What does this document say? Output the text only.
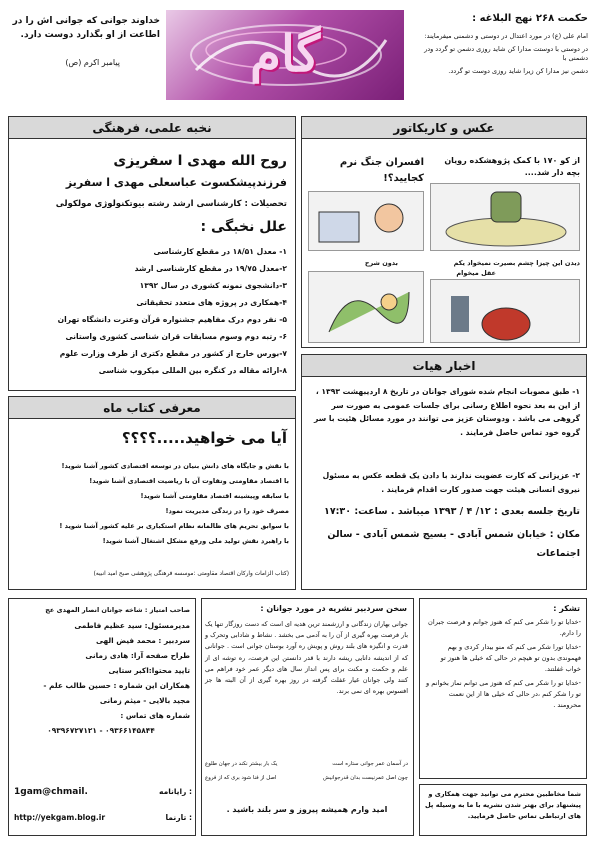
حکمت ۲۶۸ نهج البلاغه :
امام علی (ع) در مورد اعتدال در دوستی و دشمنی میفرمایند:
در دوستی با دوستت مدارا کن شاید روزی دشمن تو گردد ودر دشمنی با
دشمن نیز مدارا کن زیرا شاید روزی دوست تو گردد.
گام
خداوند جوانی که جوانی اش را در
اطاعت از او بگذارد دوست دارد.
پیامبر اکرم (ص)
عکس و کاریکاتور
از کو ۱۷۰ با کمک پژوهشکده رویان بچه دار شد....
افسران جنگ نرم کجایید؟!
دیدن این چیزا چشم بصیرت نمیخواد یکم
عقل میخوام
بدون شرح
نخبه علمی، فرهنگی
روح الله مهدی ا سفریزی
فرزندپیشکسوت عباسعلی مهدی ا سفریز
تحصیلات : کارشناسی ارشد رشته بیوتکنولوژی مولکولی
علل نخبگی :
۱- معدل ۱۸/۵۱ در مقطع کارشناسی
۲-معدل ۱۹/۷۵ در مقطع کارشناسی ارشد
۳-دانشجوی نمونه کشوری در سال ۱۳۹۲
۴-همکاری در پروژه های متعدد تحقیقاتی
۵- نفر دوم درک مفاهیم جشنواره قرآن وعترت دانشگاه تهران
۶- رتبه دوم وسوم مسابقات قران شناسی کشوری واستانی
۷-بورس خارج از کشور در مقطع دکتری از طرف وزارت علوم
۸-ارائه مقاله در کنگره بین المللی میکروب شناسی	اخبار هیات
۱- طبق مصوبات انجام شده شورای جوانان در تاریخ ۸ اردیبهشت ۱۳۹۳ ، از این به بعد نحوه اطلاع رسانی برای جلسات عمومی به صورت سر گروهی می باشد . ودوستان عزیز می توانند در مورد مسائل هئیت با سر گروه خود تماس حاصل فرمایند .
۲- عزیزانی که کارت عضویت ندارند با دادن یک قطعه عکس به مسئول نیروی انسانی هیئت جهت صدور کارت اقدام فرمایند .
تاریخ جلسه بعدی : ۱۲/ ۴ / ۱۳۹۳ میباشد . ساعت: ۱۷:۳۰
مکان : خیابان شمس آبادی - بسیج شمس آبادی - سالن اجتماعات
معرفی کتاب ماه
آیا می خواهید.....؟؟؟؟
با نقش و جایگاه های دانش بنیان در توسعه اقتصادی کشور آشنا شوید!
با اقتصاد مقاومتی وتفاوت آن با ریاضیت اقتصادی آشنا شوید!
با سابقه وپیشینه اقتصاد مقاومتی آشنا شوید!
مصرف خود را در زندگی مدیریت نمود!
با سوابق تحریم های ظالمانه نظام استکباری بر علیه کشور آشنا شوید !
با راهبرد نقش تولید ملی ورفع مشکل اشتغال آشنا شوید!
(کتاب الزامات وارکان اقتصاد مقاومتی :موسسه فرهنگی پژوهشی صبح امید انبیه)
تشکر :
-خدایا تو را شکر می کنم که هنوز جوانم و فرصت جبران را دارم.
-خدایا تورا شکر می کنم که منو بیدار کردی و بهم فهموندی بدون تو هیچم در حالی که خیلی ها هنوز تو خواب غفلتند.
-خدایا تو را شکر می کنم که هنوز می توانم نماز بخوانم و تو را شکر کنم ،در حالی که خیلی ها از این نعمت محرومند .
شما مخاطبین محترم می توانید جهت همکاری و پیشنهاد برای بهتر شدن نشریه با ما به وسیله پل های ارتباطی تماس حاصل فرمایید.
سخن سردبیر نشریه در مورد جوانان :
جوانی بهاران زندگانی و ارزشمند ترین هدیه ای است که دست روزگار تنها یک بار فرصت بهره گیری از آن را به آدمی می بخشد . نشاط و شادابی وتحرک و قدرت و انگیزه های بلند روش و پویش ره آورد بوستان جوانی است . جوانانی که از اندیشه دانایی ریشه دارند با قدر دانستن این فرصت، ره توشه ای از علم و حکمت و مکنت برای پس انداز سال های دیگر عمر خود فراهم می کنند ولی جوانان غیار غفلت گرفته در روز بهره گیری از آن البته ها جز افسوس بهره ای نمی برند.
در آسمان عمر جوانی ستاره است
یک بار بیشتر نکند در جهان طلوع
چون اصل عمرنیست بدان قدرجوانیش
اصل از فنا شود بری که از فروع
امید وارم همیشه پیروز و سر بلند باشید .
صاحب امتیاز : شاخه جوانان انصار المهدی عج
مدیرمسئول: سید عظیم فاطمی
سردبیر : محمد فیض الهی
طراح صفحه آرا: هادی زمانی
تایید محتوا:اکبر ستایی
همکاران این شماره : حسین طالب علم -
مجید بالایی - میثم زمانی
شماره های تماس :
۰۹۳۶۶۱۴۵۸۴۴ - ۰۹۳۹۶۷۲۷۱۲۱
1gam@chmail.	رایانامه :
http://yekgam.blog.ir	تارنما :
